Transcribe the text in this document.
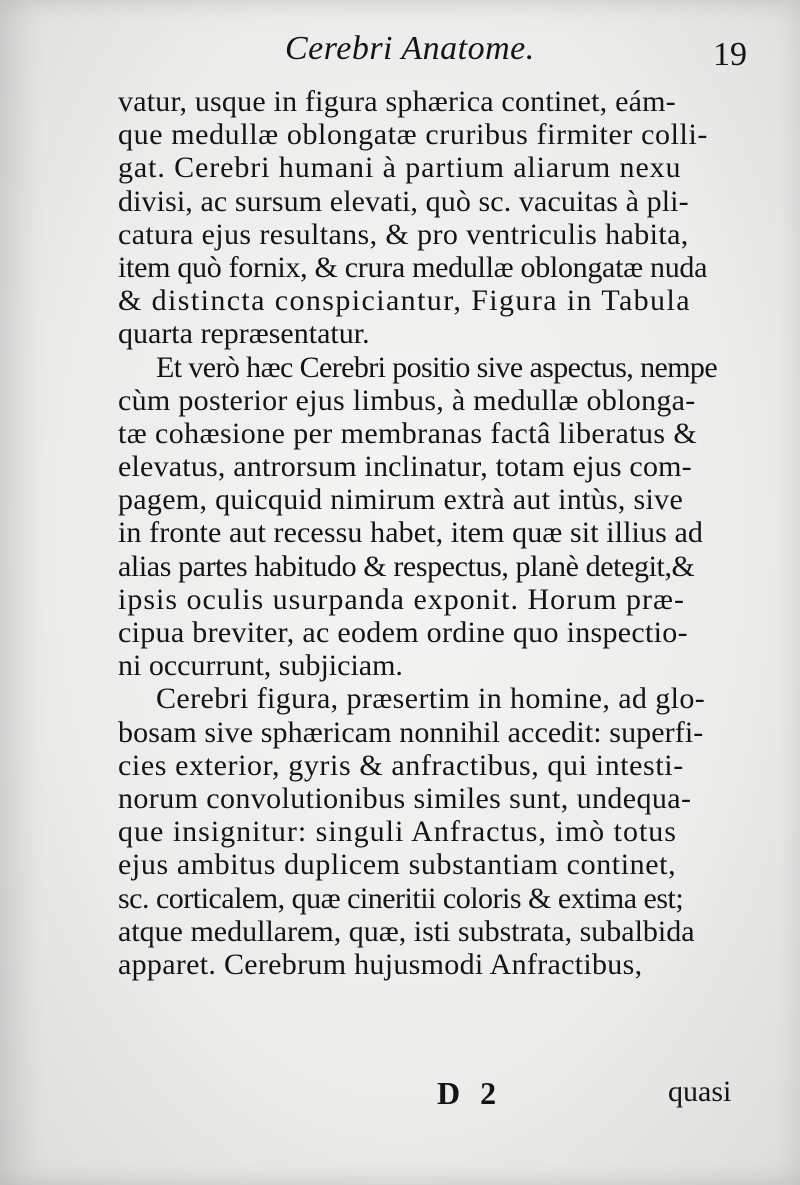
Cerebri Anatome.	19
vatur, usque in figura sphærica continet, eám-
que medullæ oblongatæ cruribus firmiter colli-
gat. Cerebri humani à partium aliarum nexu
divisi, ac sursum elevati, quò sc. vacuitas à pli-
catura ejus resultans, & pro ventriculis habita,
item quò fornix, & crura medullæ oblongatæ nuda
& distincta conspiciantur, Figura in Tabula
quarta repræsentatur.
Et verò hæc Cerebri positio sive aspectus, nempe
cùm posterior ejus limbus, à medullæ oblonga-
tæ cohæsione per membranas factâ liberatus &
elevatus, antrorsum inclinatur, totam ejus com-
pagem, quicquid nimirum extrà aut intùs, sive
in fronte aut recessu habet, item quæ sit illius ad
alias partes habitudo & respectus, planè detegit,&
ipsis oculis usurpanda exponit. Horum præ-
cipua breviter, ac eodem ordine quo inspectio-
ni occurrunt, subjiciam.
Cerebri figura, præsertim in homine, ad glo-
bosam sive sphæricam nonnihil accedit: superfi-
cies exterior, gyris & anfractibus, qui intesti-
norum convolutionibus similes sunt, undequa-
que insignitur: singuli Anfractus, imò totus
ejus ambitus duplicem substantiam continet,
sc. corticalem, quæ cineritii coloris & extima est;
atque medullarem, quæ, isti substrata, subalbida
apparet. Cerebrum hujusmodi Anfractibus,
D 2	quasi
